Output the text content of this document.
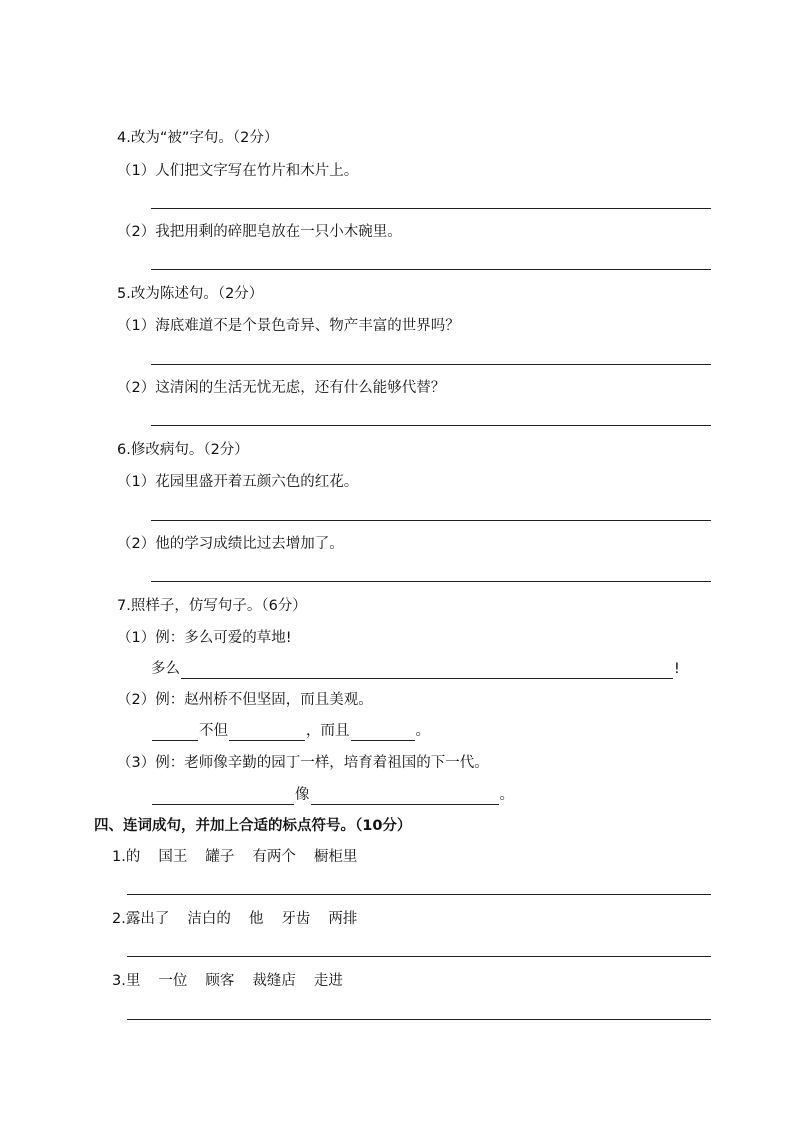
4.改为“被”字句。（2分）
（1）人们把文字写在竹片和木片上。
（2）我把用剩的碎肥皂放在一只小木碗里。
5.改为陈述句。（2分）
（1）海底难道不是个景色奇异、物产丰富的世界吗？
（2）这清闲的生活无忧无虑，还有什么能够代替？
6.修改病句。（2分）
（1）花园里盛开着五颜六色的红花。
（2）他的学习成绩比过去增加了。
7.照样子，仿写句子。（6分）
（1）例：多么可爱的草地!
多么	!
（2）例：赵州桥不但坚固，而且美观。
不但	，而且	。
（3）例：老师像辛勤的园丁一样，培育着祖国的下一代。
像	。
四、连词成句，并加上合适的标点符号。（10分）
1. 的 国王 罐子 有两个 橱柜里
2. 露出了 洁白的 他 牙齿 两排
3. 里 一位 顾客 裁缝店 走进
